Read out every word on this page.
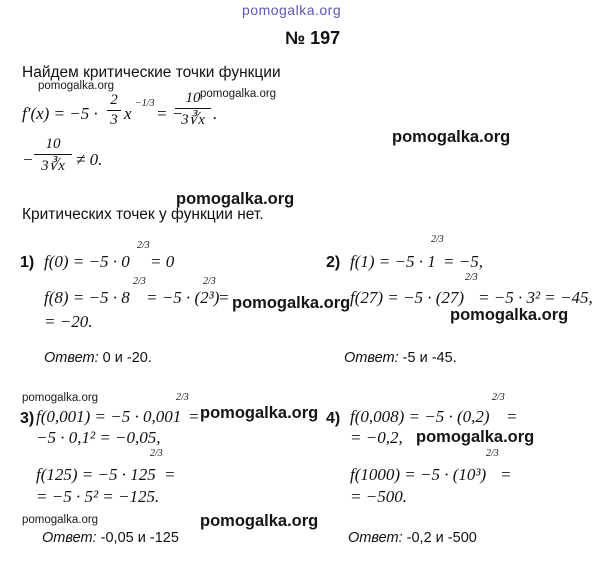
pomogalka.org
№ 197
Найдем критические точки функции
pomogalka.org
pomogalka.org
f′(x) = −5 ·
2
3 x
−1/3
= −
10
3∛x .
−
10
3∛x ≠ 0.
pomogalka.org
pomogalka.org
Критических точек у функции нет.
1) f(0) = −5 · 0
2/3
= 0
f(8) = −5 · 8
2/3
= −5 · (2³)
2/3
=
= −20.
pomogalka.org
Ответ: 0 и -20.
2) f(1) = −5 · 1
2/3
= −5,
f(27) = −5 · (27)
2/3
= −5 · 3² = −45,
pomogalka.org
Ответ: -5 и -45.
pomogalka.org
3) f(0,001) = −5 · 0,001
2/3
= pomogalka.org
−5 · 0,1² = −0,05,
f(125) = −5 · 125
2/3
=
= −5 · 5² = −125.
pomogalka.org	pomogalka.org
Ответ: -0,05 и -125
4) f(0,008) = −5 · (0,2)
2/3
=
= −0,2, pomogalka.org
f(1000) = −5 · (10³)
2/3
=
= −500.
Ответ: -0,2 и -500
